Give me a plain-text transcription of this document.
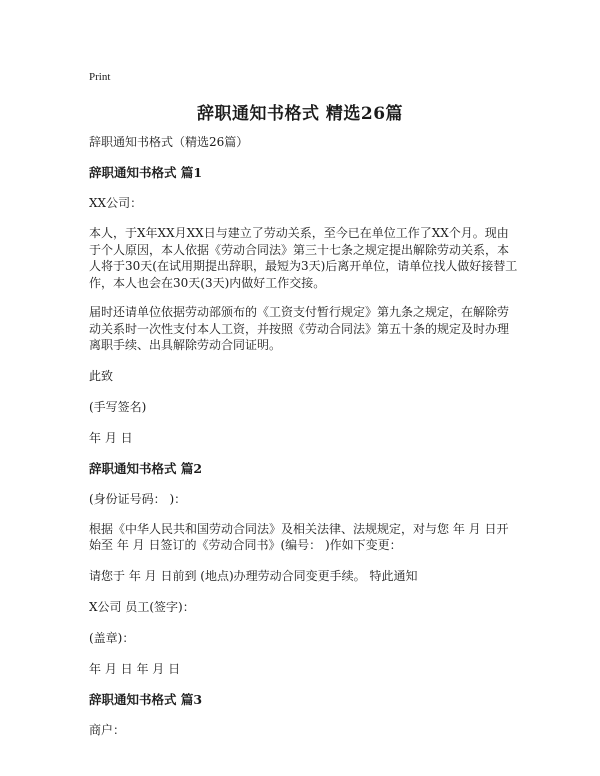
Print
辞职通知书格式 精选26篇

辞职通知书格式（精选26篇）

辞职通知书格式 篇1

XX公司：

本人，于X年XX月XX日与建立了劳动关系，至今已在单位工作了XX个月。现由于个人原因，本人依据《劳动合同法》第三十七条之规定提出解除劳动关系，本人将于30天(在试用期提出辞职，最短为3天)后离开单位，请单位找人做好接替工作，本人也会在30天(3天)内做好工作交接。

届时还请单位依据劳动部颁布的《工资支付暂行规定》第九条之规定，在解除劳动关系时一次性支付本人工资，并按照《劳动合同法》第五十条的规定及时办理离职手续、出具解除劳动合同证明。

此致

(手写签名)

年 月 日

辞职通知书格式 篇2

(身份证号码： )：

根据《中华人民共和国劳动合同法》及相关法律、法规规定，对与您 年 月 日开始至 年 月 日签订的《劳动合同书》(编号： )作如下变更：

请您于 年 月 日前到 (地点)办理劳动合同变更手续。 特此通知

X公司 员工(签字)：

(盖章)：

年 月 日 年 月 日

辞职通知书格式 篇3

商户：
